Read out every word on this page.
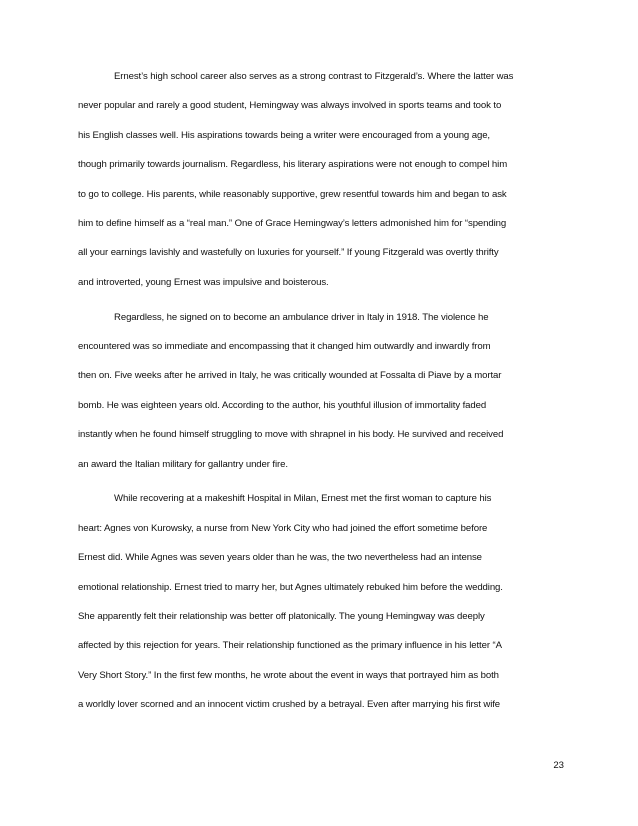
Ernest’s high school career also serves as a strong contrast to Fitzgerald’s. Where the latter was
never popular and rarely a good student, Hemingway was always involved in sports teams and took to
his English classes well. His aspirations towards being a writer were encouraged from a young age,
though primarily towards journalism. Regardless, his literary aspirations were not enough to compel him
to go to college. His parents, while reasonably supportive, grew resentful towards him and began to ask
him to define himself as a “real man.” One of Grace Hemingway’s letters admonished him for “spending
all your earnings lavishly and wastefully on luxuries for yourself.” If young Fitzgerald was overtly thrifty
and introverted, young Ernest was impulsive and boisterous.
Regardless, he signed on to become an ambulance driver in Italy in 1918. The violence he
encountered was so immediate and encompassing that it changed him outwardly and inwardly from
then on. Five weeks after he arrived in Italy, he was critically wounded at Fossalta di Piave by a mortar
bomb. He was eighteen years old. According to the author, his youthful illusion of immortality faded
instantly when he found himself struggling to move with shrapnel in his body. He survived and received
an award the Italian military for gallantry under fire.
While recovering at a makeshift Hospital in Milan, Ernest met the first woman to capture his
heart: Agnes von Kurowsky, a nurse from New York City who had joined the effort sometime before
Ernest did. While Agnes was seven years older than he was, the two nevertheless had an intense
emotional relationship. Ernest tried to marry her, but Agnes ultimately rebuked him before the wedding.
She apparently felt their relationship was better off platonically. The young Hemingway was deeply
affected by this rejection for years. Their relationship functioned as the primary influence in his letter “A
Very Short Story.” In the first few months, he wrote about the event in ways that portrayed him as both
a worldly lover scorned and an innocent victim crushed by a betrayal. Even after marrying his first wife
23
